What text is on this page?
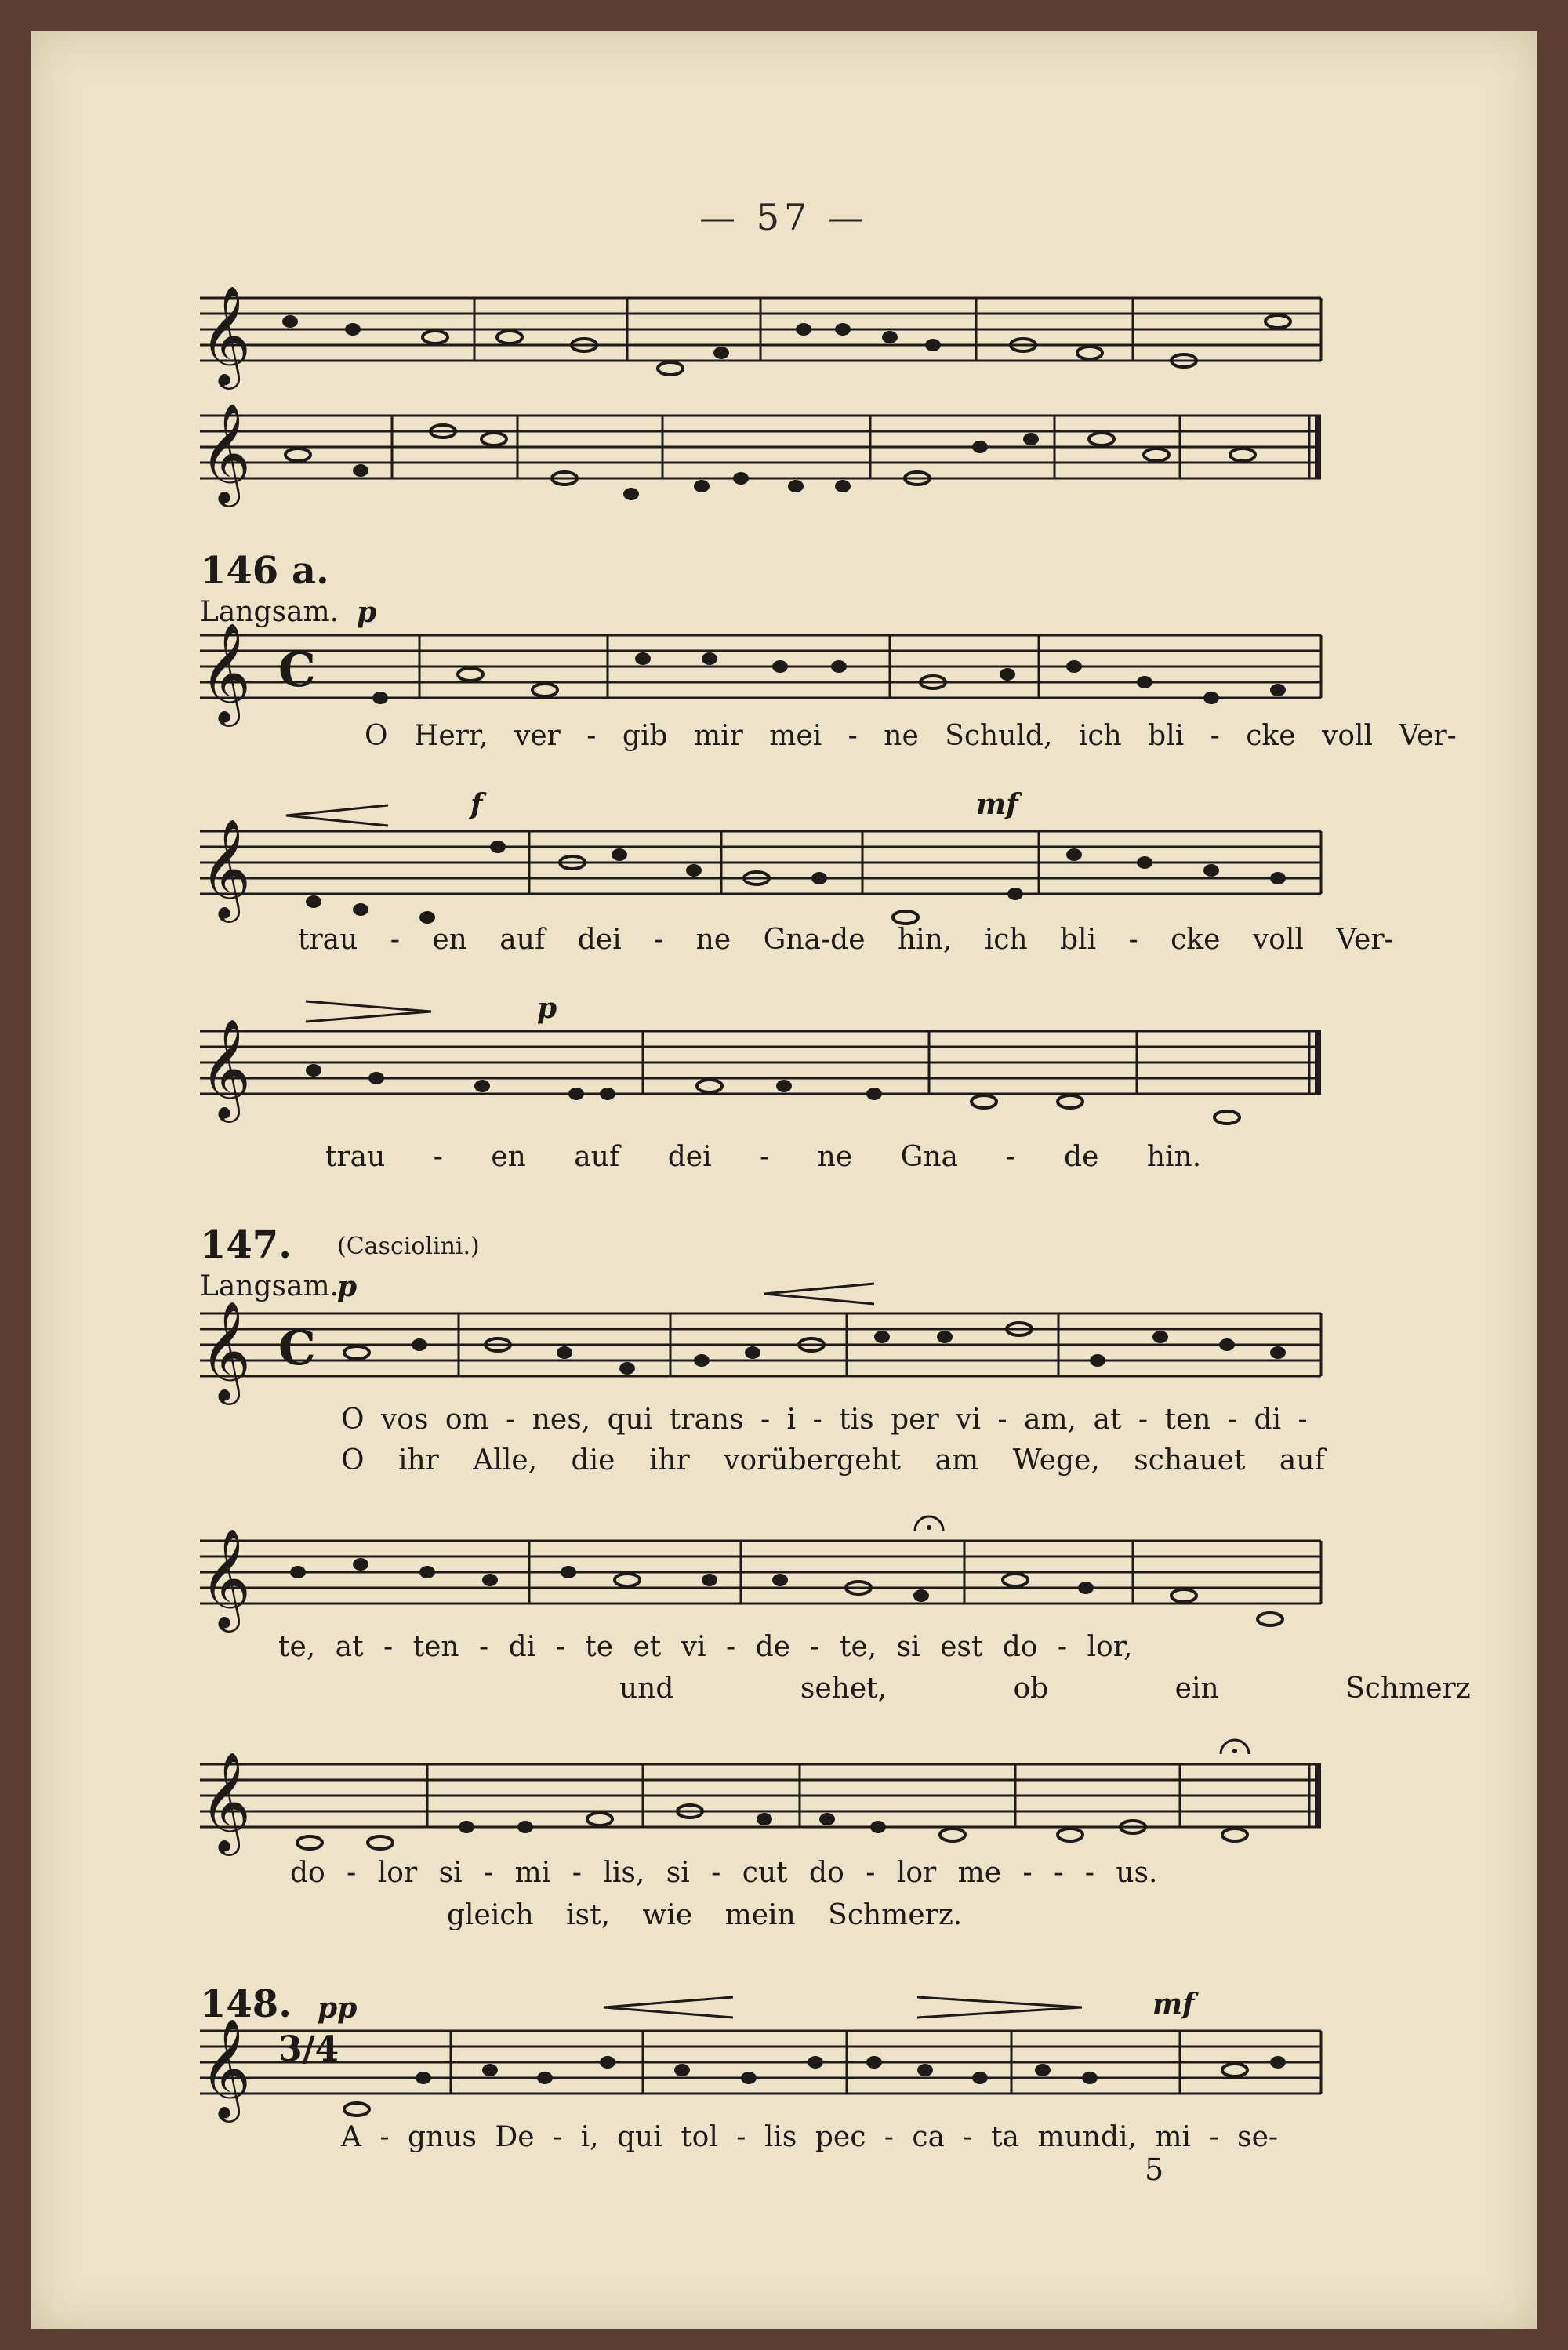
— 57 —
𝄞
𝄞
146 a.
Langsam. p
𝄞 C
O Herr, ver - gib mir mei - ne Schuld, ich bli - cke voll Ver-
f	mf
𝄞
trau - en auf dei - ne Gna-de hin, ich bli - cke voll Ver-
p
𝄞
trau - en auf dei - ne Gna - de hin.
147. (Casciolini.)
Langsam.
p
𝄞 C
O vos om - nes, qui trans - i - tis per vi - am, at - ten - di -
O ihr Alle, die ihr vorübergeht am Wege, schauet auf
𝄞
te, at - ten - di - te et vi - de - te, si est do - lor,
und sehet, ob ein Schmerz
𝄞
do - lor si - mi - lis, si - cut do - lor me - - - us.
gleich ist, wie mein Schmerz.
148. pp	mf
𝄞 3/4
A - gnus De - i, qui tol - lis pec - ca - ta mundi, mi - se-
5
